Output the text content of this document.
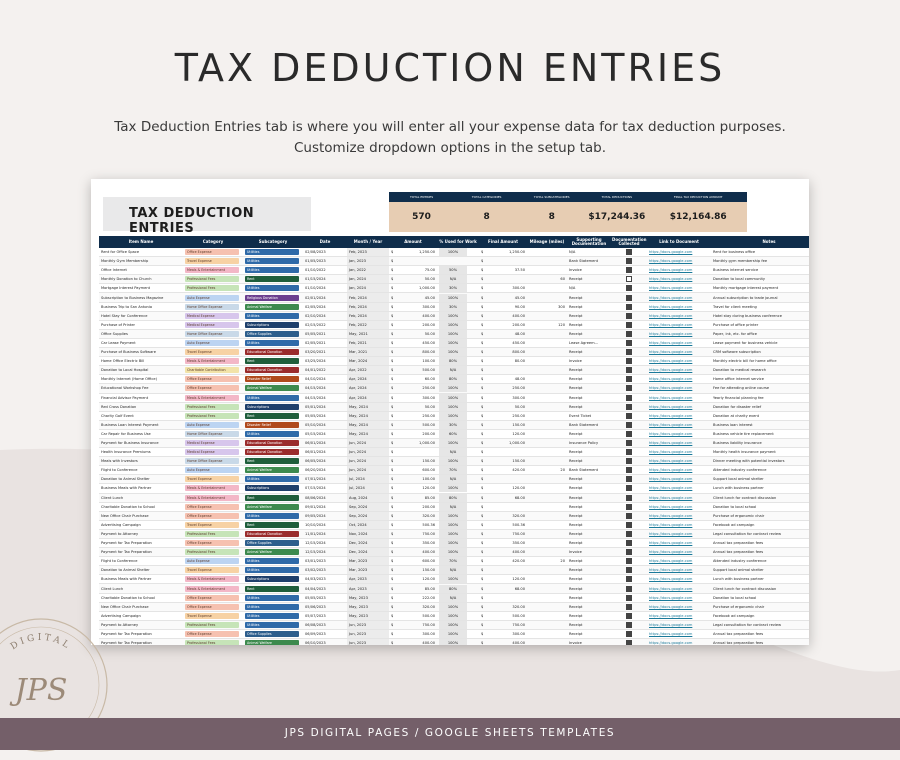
TAX DEDUCTION ENTRIES
Tax Deduction Entries tab is where you will enter all your expense data for tax deduction purposes.
Customize dropdown options in the setup tab.
TAX DEDUCTION ENTRIES
TOTAL ENTRIES	TOTAL CATEGORIES	TOTAL SUBCATEGORIES	TOTAL DEDUCTIONS	FINAL TAX DEDUCTION AMOUNT
570	8	8	$17,244.36	$12,164.86
Item Name	Category	Subcategory	Date	Month / Year	Amount	% Used for Work	Final Amount	Mileage (miles)	Supporting Documentation	Documentation Collected	Link to Document	Notes
Rent for Office Space	Office Expense	Utilities	02/08/2023	Feb, 2023	$ 1,250.00	100%	$ 1,250.00		N/A		https://docs.google.com	Rent for business office
Monthly Gym Membership	Travel Expense	Utilities	01/05/2023	Jan, 2023	$		$		Bank Statement		https://docs.google.com	Monthly gym membership fee
Office Internet	Meals & Entertainment	Utilities	01/10/2022	Jan, 2022	$ 75.00	50%	$ 37.50		Invoice		https://docs.google.com	Business internet service
Monthly Donation to Church	Professional Fees	Rent	01/15/2024	Jan, 2024	$ 50.00	N/A	$	60	Receipt		https://docs.google.com	Donation to local community
Mortgage Interest Payment	Professional Fees	Utilities	01/10/2024	Jan, 2024	$ 1,000.00	30%	$ 300.00		N/A		https://docs.google.com	Monthly mortgage interest payment
Subscription to Business Magazine	Auto Expense	Religious Donation	02/01/2024	Feb, 2024	$ 45.00	100%	$ 45.00		Receipt		https://docs.google.com	Annual subscription to trade journal
Business Trip to San Antonio	Home Office Expense	Animal Welfare	02/05/2024	Feb, 2024	$ 300.00	30%	$ 90.00	300	Receipt		https://docs.google.com	Travel for client meeting
Hotel Stay for Conference	Medical Expense	Utilities	02/10/2024	Feb, 2024	$ 400.00	100%	$ 400.00		Receipt		https://docs.google.com	Hotel stay during business conference
Purchase of Printer	Medical Expense	Subscriptions	02/15/2022	Feb, 2022	$ 200.00	100%	$ 200.00	120	Receipt		https://docs.google.com	Purchase of office printer
Office Supplies	Home Office Expense	Office Supplies	05/05/2021	May, 2021	$ 50.00	100%	$ 48.00		Receipt		https://docs.google.com	Paper, ink, etc. for office
Car Lease Payment	Auto Expense	Utilities	02/05/2021	Feb, 2021	$ 450.00	100%	$ 450.00		Lease Agreem...		https://docs.google.com	Lease payment for business vehicle
Purchase of Business Software	Travel Expense	Educational Donation	03/20/2021	Mar, 2021	$ 800.00	100%	$ 800.00		Receipt		https://docs.google.com	CRM software subscription
Home Office Electric Bill	Meals & Entertainment	Rent	03/25/2024	Mar, 2024	$ 100.00	80%	$ 80.00		Invoice		https://docs.google.com	Monthly electric bill for home office
Donation to Local Hospital	Charitable Contribution	Educational Donation	04/01/2022	Apr, 2022	$ 500.00	N/A	$		Receipt		https://docs.google.com	Donation to medical research
Monthly Internet (Home Office)	Office Expense	Disaster Relief	04/10/2024	Apr, 2024	$ 60.00	80%	$ 48.00		Receipt		https://docs.google.com	Home office internet service
Educational Workshop Fee	Office Expense	Animal Welfare	04/15/2024	Apr, 2024	$ 250.00	100%	$ 250.00		Receipt		https://docs.google.com	Fee for attending online course
Financial Advisor Payment	Meals & Entertainment	Utilities	04/15/2024	Apr, 2024	$ 300.00	100%	$ 300.00		Receipt		https://docs.google.com	Yearly financial planning fee
Red Cross Donation	Professional Fees	Subscriptions	05/01/2024	May, 2024	$ 50.00	100%	$ 50.00		Receipt		https://docs.google.com	Donation for disaster relief
Charity Golf Event	Professional Fees	Rent	05/05/2024	May, 2024	$ 250.00	100%	$ 250.00		Event Ticket		https://docs.google.com	Donation at charity event
Business Loan Interest Payment	Auto Expense	Disaster Relief	05/10/2024	May, 2024	$ 500.00	30%	$ 150.00		Bank Statement		https://docs.google.com	Business loan interest
Car Repair for Business Use	Home Office Expense	Utilities	05/15/2024	May, 2024	$ 200.00	60%	$ 120.00		Receipt		https://docs.google.com	Business vehicle tire replacement
Payment for Business Insurance	Medical Expense	Educational Donation	06/01/2024	Jun, 2024	$ 1,000.00	100%	$ 1,000.00		Insurance Policy		https://docs.google.com	Business liability insurance
Health Insurance Premiums	Medical Expense	Educational Donation	06/01/2024	Jun, 2024	$	N/A	$		Receipt		https://docs.google.com	Monthly health insurance payment
Meals with Investors	Home Office Expense	Rent	06/05/2024	Jun, 2024	$ 150.00	100%	$ 150.00		Receipt		https://docs.google.com	Dinner meeting with potential investors
Flight to Conference	Auto Expense	Animal Welfare	06/20/2024	Jun, 2024	$ 600.00	70%	$ 420.00	20	Bank Statement		https://docs.google.com	Attended industry conference
Donation to Animal Shelter	Travel Expense	Utilities	07/01/2024	Jul, 2024	$ 100.00	N/A	$		Receipt		https://docs.google.com	Support local animal shelter
Business Meals with Partner	Meals & Entertainment	Subscriptions	07/15/2024	Jul, 2024	$ 120.00	100%	$ 120.00		Receipt		https://docs.google.com	Lunch with business partner
Client Lunch	Meals & Entertainment	Rent	08/06/2024	Aug, 2024	$ 85.00	80%	$ 68.00		Receipt		https://docs.google.com	Client lunch for contract discussion
Charitable Donation to School	Office Expense	Animal Welfare	09/01/2024	Sep, 2024	$ 200.00	N/A	$		Receipt		https://docs.google.com	Donation to local school
New Office Chair Purchase	Office Expense	Utilities	09/05/2024	Sep, 2024	$ 320.00	100%	$ 320.00		Receipt		https://docs.google.com	Purchase of ergonomic chair
Advertising Campaign	Travel Expense	Rent	10/10/2024	Oct, 2024	$ 500.36	100%	$ 500.36		Receipt		https://docs.google.com	Facebook ad campaign
Payment to Attorney	Professional Fees	Educational Donation	11/01/2024	Nov, 2024	$ 750.00	100%	$ 750.00		Receipt		https://docs.google.com	Legal consultation for contract review
Payment for Tax Preparation	Office Expense	Office Supplies	12/15/2024	Dec, 2024	$ 350.00	100%	$ 350.00		Receipt		https://docs.google.com	Annual tax preparation fees
Payment for Tax Preparation	Professional Fees	Animal Welfare	12/15/2024	Dec, 2024	$ 400.00	100%	$ 400.00		Invoice		https://docs.google.com	Annual tax preparation fees
Flight to Conference	Auto Expense	Utilities	03/01/2023	Mar, 2023	$ 600.00	70%	$ 420.00	20	Receipt		https://docs.google.com	Attended industry conference
Donation to Animal Shelter	Travel Expense	Utilities	03/02/2023	Mar, 2023	$ 150.00	N/A	$		Receipt		https://docs.google.com	Support local animal shelter
Business Meals with Partner	Meals & Entertainment	Subscriptions	04/03/2023	Apr, 2023	$ 120.00	100%	$ 120.00		Receipt		https://docs.google.com	Lunch with business partner
Client Lunch	Meals & Entertainment	Rent	04/04/2023	Apr, 2023	$ 85.00	80%	$ 68.00		Receipt		https://docs.google.com	Client lunch for contract discussion
Charitable Donation to School	Office Expense	Utilities	05/05/2023	May, 2023	$ 222.00	N/A	$		Receipt		https://docs.google.com	Donation to local school
New Office Chair Purchase	Office Expense	Utilities	05/06/2023	May, 2023	$ 320.00	100%	$ 320.00		Receipt		https://docs.google.com	Purchase of ergonomic chair
Advertising Campaign	Travel Expense	Utilities	05/07/2023	May, 2023	$ 500.00	100%	$ 500.00		Receipt		https://docs.google.com	Facebook ad campaign
Payment to Attorney	Professional Fees	Utilities	06/08/2023	Jun, 2023	$ 750.00	100%	$ 750.00		Receipt		https://docs.google.com	Legal consultation for contract review
Payment for Tax Preparation	Office Expense	Office Supplies	06/09/2023	Jun, 2023	$ 300.00	100%	$ 300.00		Receipt		https://docs.google.com	Annual tax preparation fees
Payment for Tax Preparation	Professional Fees	Animal Welfare	06/10/2023	Jun, 2023	$ 400.00	100%	$ 400.00		Invoice		https://docs.google.com	Annual tax preparation fees
DIGITAL
JPS
JPS DIGITAL PAGES / GOOGLE SHEETS TEMPLATES
